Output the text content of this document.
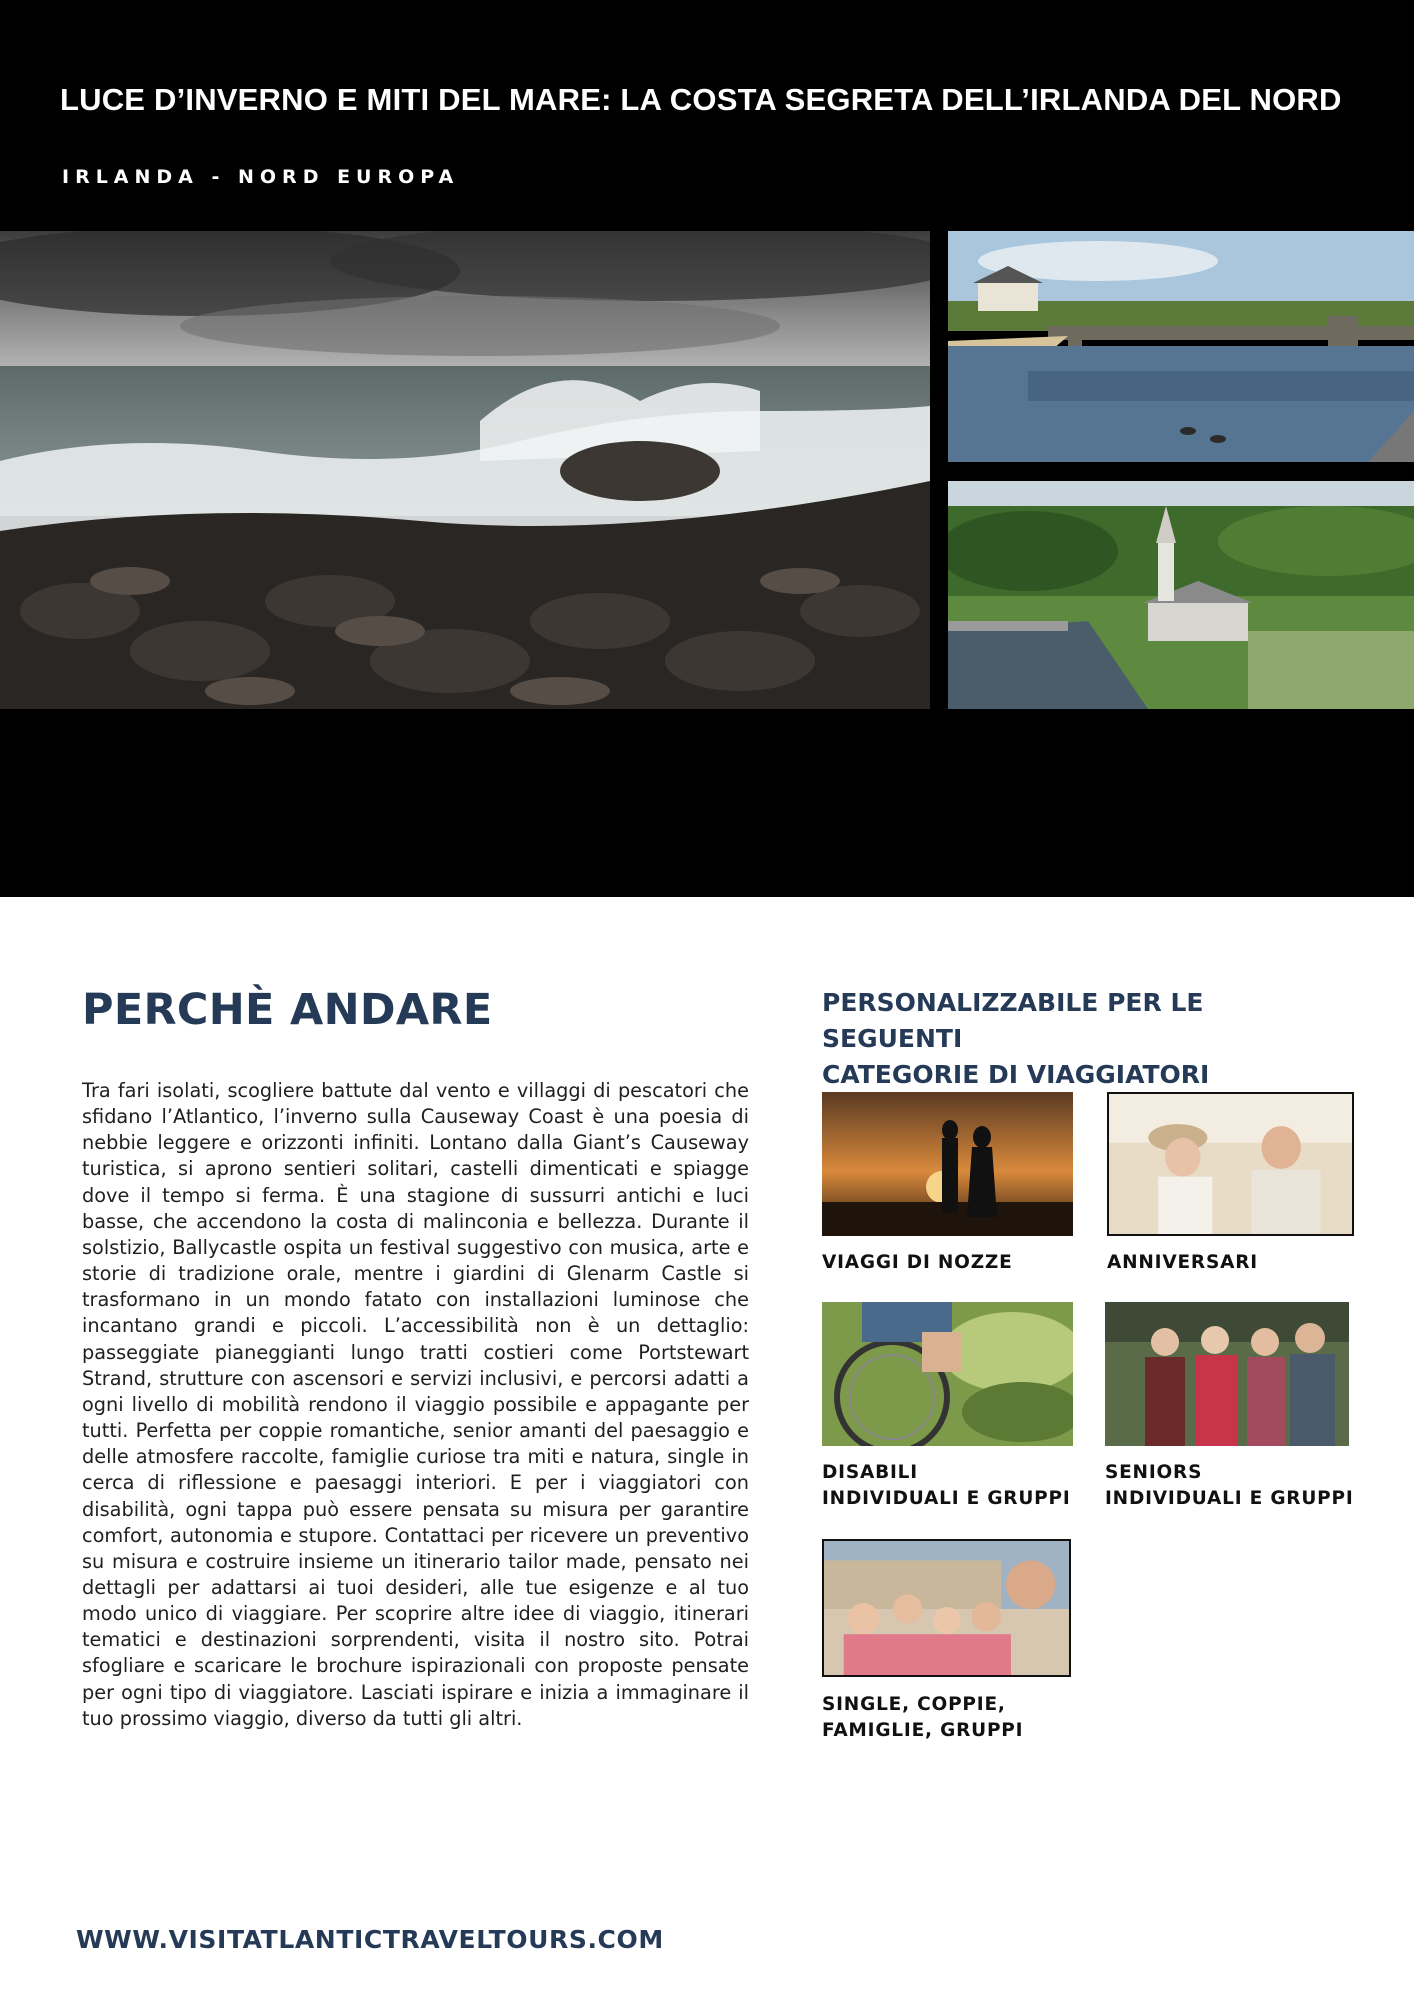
LUCE D’INVERNO E MITI DEL MARE: LA COSTA SEGRETA DELL’IRLANDA DEL NORD
IRLANDA - NORD EUROPA
PERCHÈ ANDARE
Tra fari isolati, scogliere battute dal vento e villaggi di pescatori che sfidano l’Atlantico, l’inverno sulla Causeway Coast è una poesia di nebbie leggere e orizzonti infiniti. Lontano dalla Giant’s Causeway turistica, si aprono sentieri solitari, castelli dimenticati e spiagge dove il tempo si ferma. È una stagione di sussurri antichi e luci basse, che accendono la costa di malinconia e bellezza. Durante il solstizio, Ballycastle ospita un festival suggestivo con musica, arte e storie di tradizione orale, mentre i giardini di Glenarm Castle si trasformano in un mondo fatato con installazioni luminose che incantano grandi e piccoli. L’accessibilità non è un dettaglio: passeggiate pianeggianti lungo tratti costieri come Portstewart Strand, strutture con ascensori e servizi inclusivi, e percorsi adatti a ogni livello di mobilità rendono il viaggio possibile e appagante per tutti. Perfetta per coppie romantiche, senior amanti del paesaggio e delle atmosfere raccolte, famiglie curiose tra miti e natura, single in cerca di riflessione e paesaggi interiori. E per i viaggiatori con disabilità, ogni tappa può essere pensata su misura per garantire comfort, autonomia e stupore. Contattaci per ricevere un preventivo su misura e costruire insieme un itinerario tailor made, pensato nei dettagli per adattarsi ai tuoi desideri, alle tue esigenze e al tuo modo unico di viaggiare. Per scoprire altre idee di viaggio, itinerari tematici e destinazioni sorprendenti, visita il nostro sito. Potrai sfogliare e scaricare le brochure ispirazionali con proposte pensate per ogni tipo di viaggiatore. Lasciati ispirare e inizia a immaginare il tuo prossimo viaggio, diverso da tutti gli altri.
PERSONALIZZABILE PER LE SEGUENTI
CATEGORIE DI VIAGGIATORI
VIAGGI DI NOZZE	ANNIVERSARI
DISABILI
INDIVIDUALI E GRUPPI
SENIORS
INDIVIDUALI E GRUPPI
SINGLE, COPPIE,
FAMIGLIE, GRUPPI
WWW.VISITATLANTICTRAVELTOURS.COM
